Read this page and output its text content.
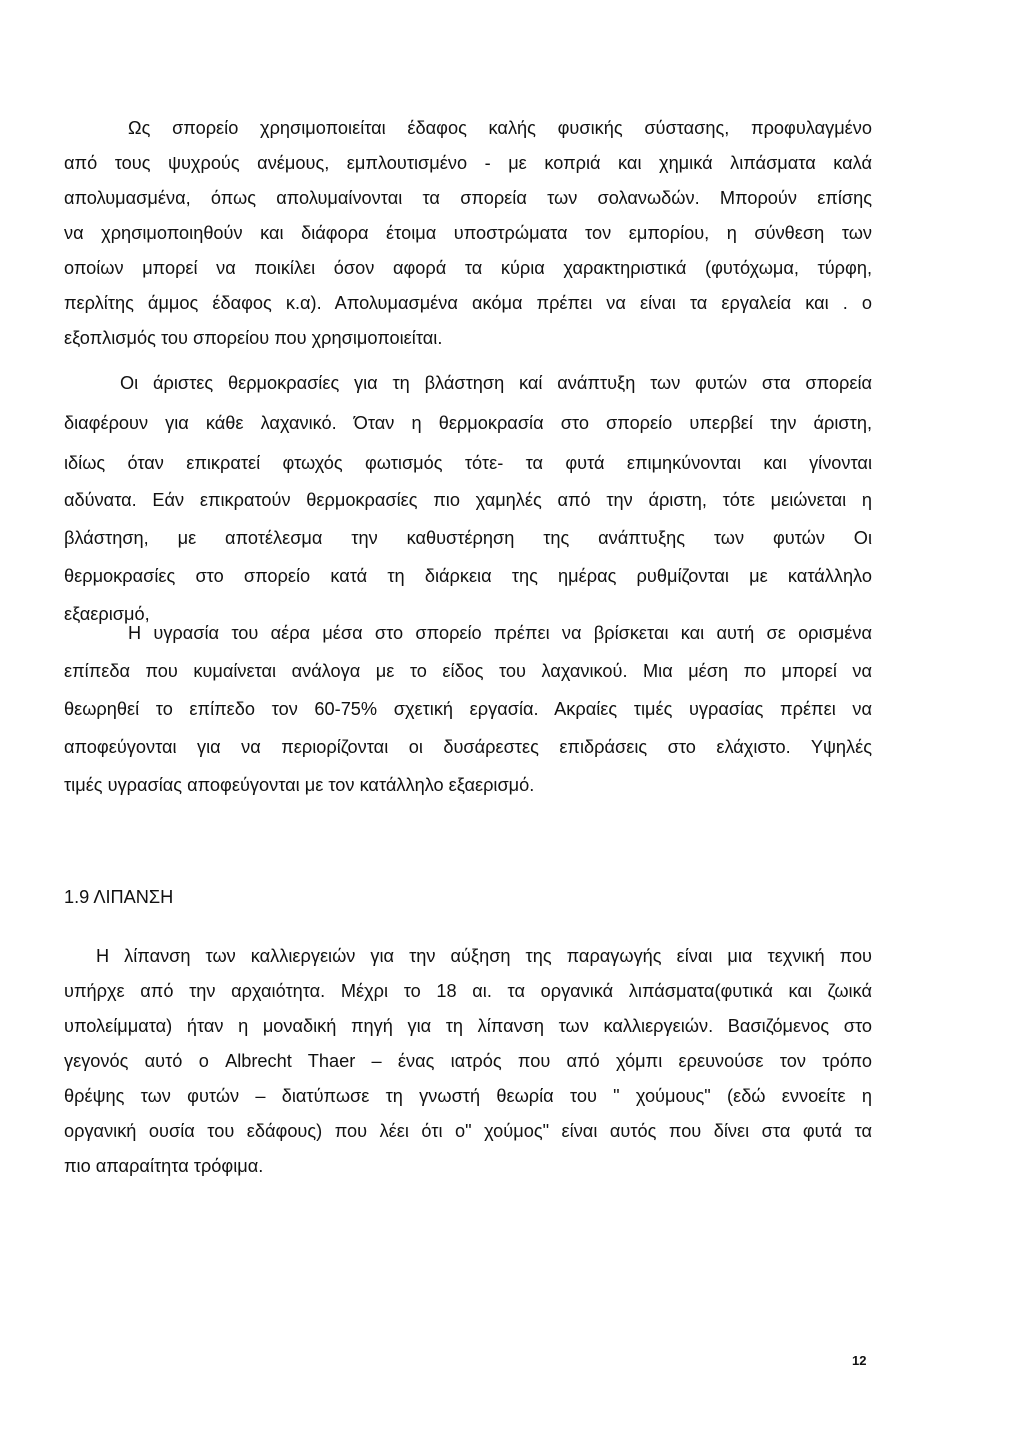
Ως σπορείο χρησιμοποιείται έδαφος καλής φυσικής σύστασης, προφυλαγμένο
από τους ψυχρούς ανέμους, εμπλουτισμένο - με κοπριά και χημικά λιπάσματα καλά
απολυμασμένα, όπως απολυμαίνονται τα σπορεία των σολανωδών. Μπορούν επίσης
να χρησιμοποιηθούν και διάφορα έτοιμα υποστρώματα τον εμπορίου, η σύνθεση των
οποίων μπορεί να ποικίλει όσον αφορά τα κύρια χαρακτηριστικά (φυτόχωμα, τύρφη,
περλίτης άμμος έδαφος κ.α). Απολυμασμένα ακόμα πρέπει να είναι τα εργαλεία και . ο
εξοπλισμός του σπορείου που χρησιμοποιείται.
Οι άριστες θερμοκρασίες για τη βλάστηση καί ανάπτυξη των φυτών στα σπορεία
διαφέρουν για κάθε λαχανικό. Όταν η θερμοκρασία στο σπορείο υπερβεί την άριστη,
ιδίως όταν επικρατεί φτωχός φωτισμός τότε- τα φυτά επιμηκύνονται και γίνονται
αδύνατα. Εάν επικρατούν θερμοκρασίες πιο χαμηλές από την άριστη, τότε μειώνεται η
βλάστηση, με αποτέλεσμα την καθυστέρηση της ανάπτυξης των φυτών Οι
θερμοκρασίες στο σπορείο κατά τη διάρκεια της ημέρας ρυθμίζονται με κατάλληλο
εξαερισμό,
Η υγρασία του αέρα μέσα στο σπορείο πρέπει να βρίσκεται και αυτή σε ορισμένα
επίπεδα που κυμαίνεται ανάλογα με το είδος του λαχανικού. Μια μέση πο μπορεί να
θεωρηθεί το επίπεδο τον 60-75% σχετική εργασία. Ακραίες τιμές υγρασίας πρέπει να
αποφεύγονται για να περιορίζονται οι δυσάρεστες επιδράσεις στο ελάχιστο. Υψηλές
τιμές υγρασίας αποφεύγονται με τον κατάλληλο εξαερισμό.
1.9 ΛΙΠΑΝΣΗ
Η λίπανση των καλλιεργειών για την αύξηση της παραγωγής είναι μια τεχνική που
υπήρχε από την αρχαιότητα. Μέχρι το 18 αι. τα οργανικά λιπάσματα(φυτικά και ζωικά
υπολείμματα) ήταν η μοναδική πηγή για τη λίπανση των καλλιεργειών. Βασιζόμενος στο
γεγονός αυτό ο Albrecht Thaer – ένας ιατρός που από χόμπι ερευνούσε τον τρόπο
θρέψης των φυτών – διατύπωσε τη γνωστή θεωρία του " χούμους" (εδώ εννοείτε η
οργανική ουσία του εδάφους) που λέει ότι ο" χούμος" είναι αυτός που δίνει στα φυτά τα
πιο απαραίτητα τρόφιμα.
12
